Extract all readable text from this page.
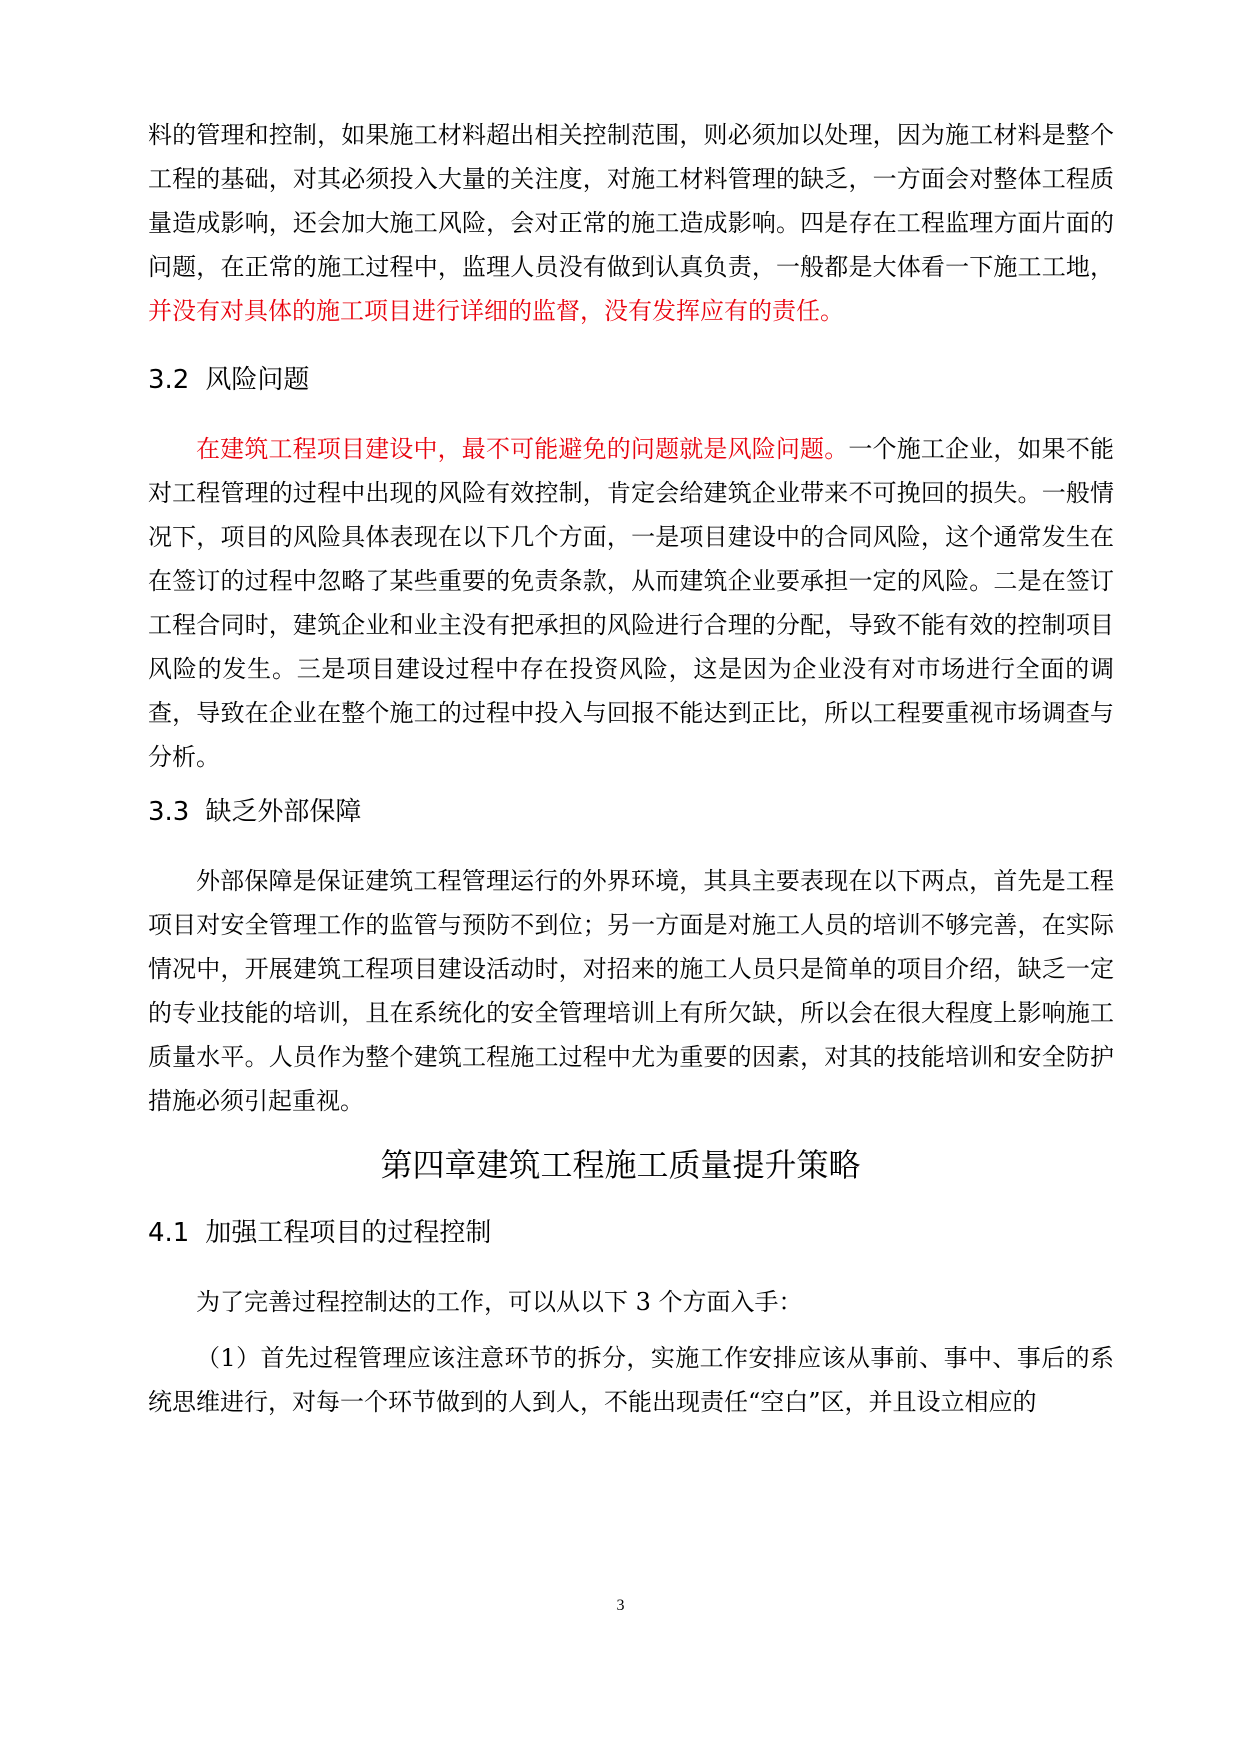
料的管理和控制，如果施工材料超出相关控制范围，则必须加以处理，因为施工材料是整个工程的基础，对其必须投入大量的关注度，对施工材料管理的缺乏，一方面会对整体工程质量造成影响，还会加大施工风险，会对正常的施工造成影响。四是存在工程监理方面片面的问题，在正常的施工过程中，监理人员没有做到认真负责，一般都是大体看一下施工工地，并没有对具体的施工项目进行详细的监督，没有发挥应有的责任。

3.2 风险问题

在建筑工程项目建设中，最不可能避免的问题就是风险问题。一个施工企业，如果不能对工程管理的过程中出现的风险有效控制，肯定会给建筑企业带来不可挽回的损失。一般情况下，项目的风险具体表现在以下几个方面，一是项目建设中的合同风险，这个通常发生在在签订的过程中忽略了某些重要的免责条款，从而建筑企业要承担一定的风险。二是在签订工程合同时，建筑企业和业主没有把承担的风险进行合理的分配，导致不能有效的控制项目风险的发生。三是项目建设过程中存在投资风险，这是因为企业没有对市场进行全面的调查，导致在企业在整个施工的过程中投入与回报不能达到正比，所以工程要重视市场调查与分析。

3.3 缺乏外部保障

外部保障是保证建筑工程管理运行的外界环境，其具主要表现在以下两点，首先是工程项目对安全管理工作的监管与预防不到位；另一方面是对施工人员的培训不够完善，在实际情况中，开展建筑工程项目建设活动时，对招来的施工人员只是简单的项目介绍，缺乏一定的专业技能的培训，且在系统化的安全管理培训上有所欠缺，所以会在很大程度上影响施工质量水平。人员作为整个建筑工程施工过程中尤为重要的因素，对其的技能培训和安全防护措施必须引起重视。

第四章建筑工程施工质量提升策略
4.1 加强工程项目的过程控制

为了完善过程控制达的工作，可以从以下 3 个方面入手：

（1）首先过程管理应该注意环节的拆分，实施工作安排应该从事前、事中、事后的系统思维进行，对每一个环节做到的人到人，不能出现责任“空白”区，并且设立相应的

3
